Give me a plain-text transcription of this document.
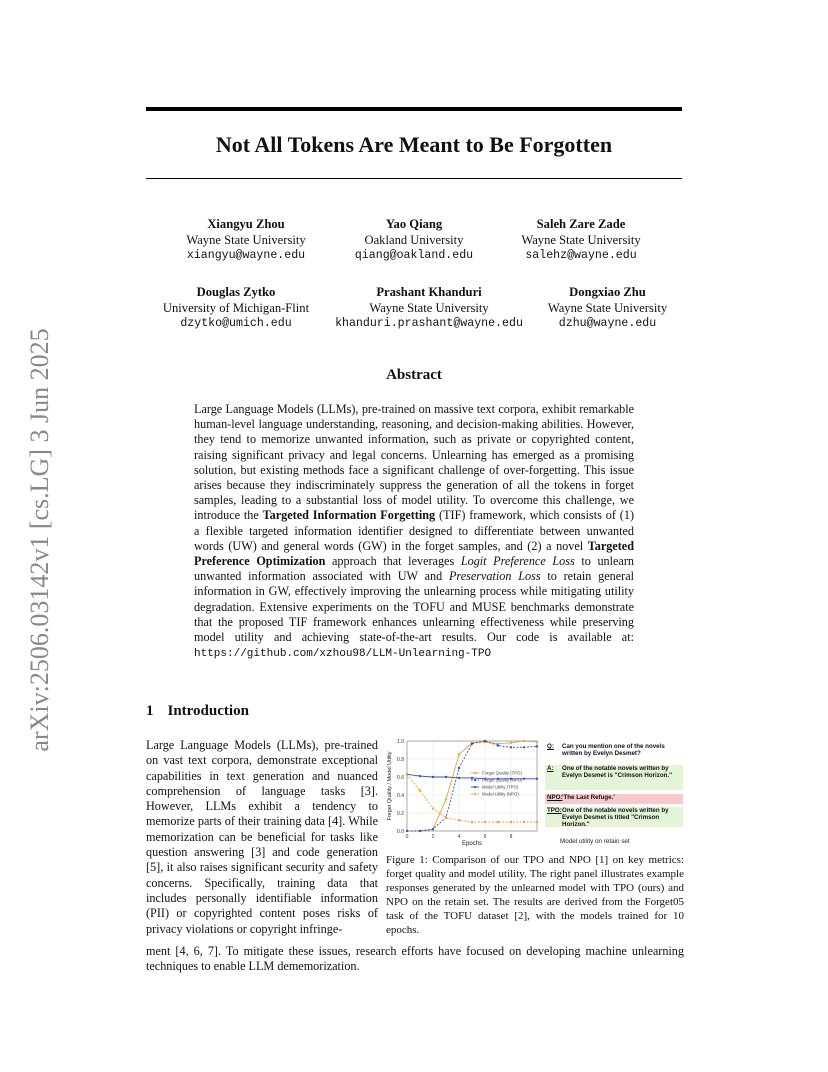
Not All Tokens Are Meant to Be Forgotten
arXiv:2506.03142v1 [cs.LG] 3 Jun 2025
Xiangyu Zhou
Wayne State University
xiangyu@wayne.edu
Yao Qiang
Oakland University
qiang@oakland.edu
Saleh Zare Zade
Wayne State University
salehz@wayne.edu
Douglas Zytko
University of Michigan-Flint
dzytko@umich.edu
Prashant Khanduri
Wayne State University
khanduri.prashant@wayne.edu
Dongxiao Zhu
Wayne State University
dzhu@wayne.edu
Abstract
Large Language Models (LLMs), pre-trained on massive text corpora, exhibit remarkable human-level language understanding, reasoning, and decision-making abilities. However, they tend to memorize unwanted information, such as private or copyrighted content, raising significant privacy and legal concerns. Unlearning has emerged as a promising solution, but existing methods face a significant challenge of over-forgetting. This issue arises because they indiscriminately suppress the generation of all the tokens in forget samples, leading to a substantial loss of model utility. To overcome this challenge, we introduce the Targeted Information Forgetting (TIF) framework, which consists of (1) a flexible targeted information identifier designed to differentiate between unwanted words (UW) and general words (GW) in the forget samples, and (2) a novel Targeted Preference Optimization approach that leverages Logit Preference Loss to unlearn unwanted information associated with UW and Preservation Loss to retain general information in GW, effectively improving the unlearning process while mitigating utility degradation. Extensive experiments on the TOFU and MUSE benchmarks demonstrate that the proposed TIF framework enhances unlearning effectiveness while preserving model utility and achieving state-of-the-art results. Our code is available at: https://github.com/xzhou98/LLM-Unlearning-TPO
1 Introduction
Large Language Models (LLMs), pre-trained on vast text corpora, demonstrate exceptional capabilities in text generation and nuanced comprehension of language tasks [3]. However, LLMs exhibit a tendency to memorize parts of their training data [4]. While memorization can be beneficial for tasks like question answering [3] and code generation [5], it also raises significant security and safety concerns. Specifically, training data that includes personally identifiable information (PII) or copyrighted content poses risks of privacy violations or copyright infringe-
1.0
0.8
0.6
0.4
0.2
0.0
0	2	4	6	8
Epochs
Forget Quality / Model Utility	Forget Quality (TPO)
Forget Quality (NPO)
Model Utility (TPO)
Model Utility (NPO)
Q: Can you mention one of the novels written by Evelyn Desmet?
A: One of the notable novels written by Evelyn Desmet is "Crimson Horizon."
NPO: 'The Last Refuge.'
TPO: One of the notable novels written by Evelyn Desmet is titled "Crimson Horizon."
Model utility on retain set
Figure 1: Comparison of our TPO and NPO [1] on key metrics: forget quality and model utility. The right panel illustrates example responses generated by the unlearned model with TPO (ours) and NPO on the retain set. The results are derived from the Forget05 task of the TOFU dataset [2], with the models trained for 10 epochs.
ment [4, 6, 7]. To mitigate these issues, research efforts have focused on developing machine unlearning techniques to enable LLM dememorization.
